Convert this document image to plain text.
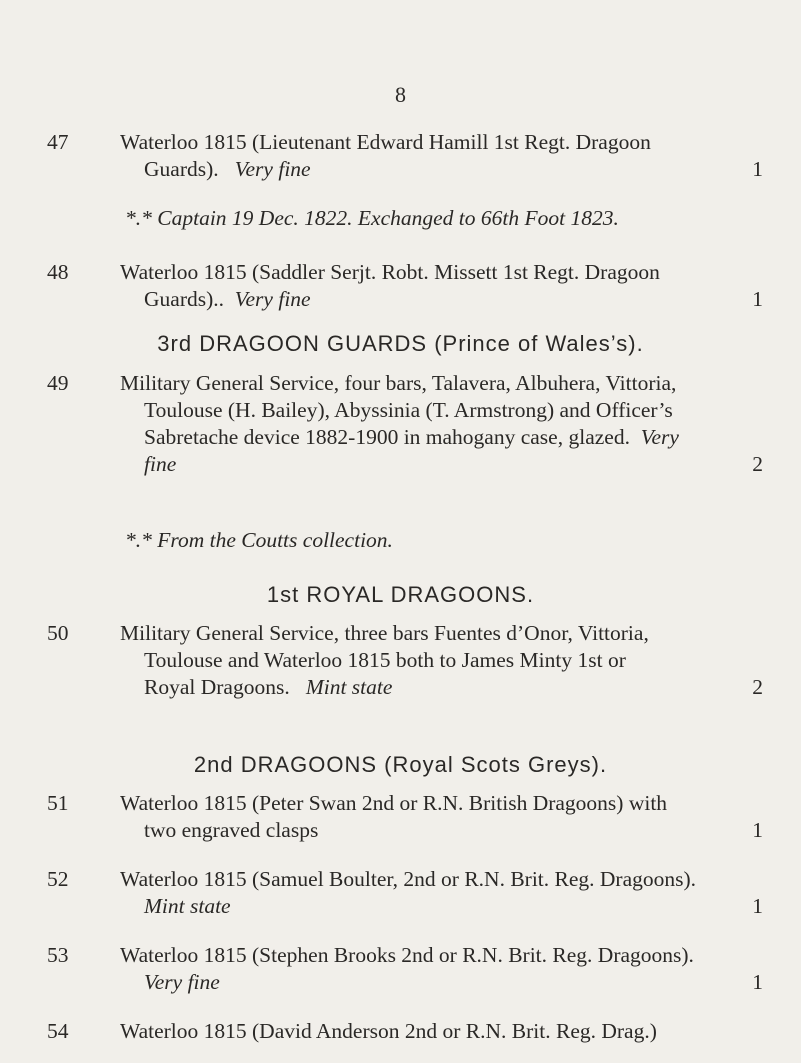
8
47	Waterloo 1815 (Lieutenant Edward Hamill 1st Regt. Dragoon
Guards). Very fine	1
*.* Captain 19 Dec. 1822. Exchanged to 66th Foot 1823.
48	Waterloo 1815 (Saddler Serjt. Robt. Missett 1st Regt. Dragoon
Guards).. Very fine	1
3rd DRAGOON GUARDS (Prince of Wales’s).
49	Military General Service, four bars, Talavera, Albuhera, Vittoria,
Toulouse (H. Bailey), Abyssinia (T. Armstrong) and Officer’s
Sabretache device 1882-1900 in mahogany case, glazed. Very
fine	2
*.* From the Coutts collection.
1st ROYAL DRAGOONS.
50	Military General Service, three bars Fuentes d’Onor, Vittoria,
Toulouse and Waterloo 1815 both to James Minty 1st or
Royal Dragoons. Mint state	2
2nd DRAGOONS (Royal Scots Greys).
51	Waterloo 1815 (Peter Swan 2nd or R.N. British Dragoons) with
two engraved clasps	1
52	Waterloo 1815 (Samuel Boulter, 2nd or R.N. Brit. Reg. Dragoons).
Mint state	1
53	Waterloo 1815 (Stephen Brooks 2nd or R.N. Brit. Reg. Dragoons).
Very fine	1
54	Waterloo 1815 (David Anderson 2nd or R.N. Brit. Reg. Drag.)
